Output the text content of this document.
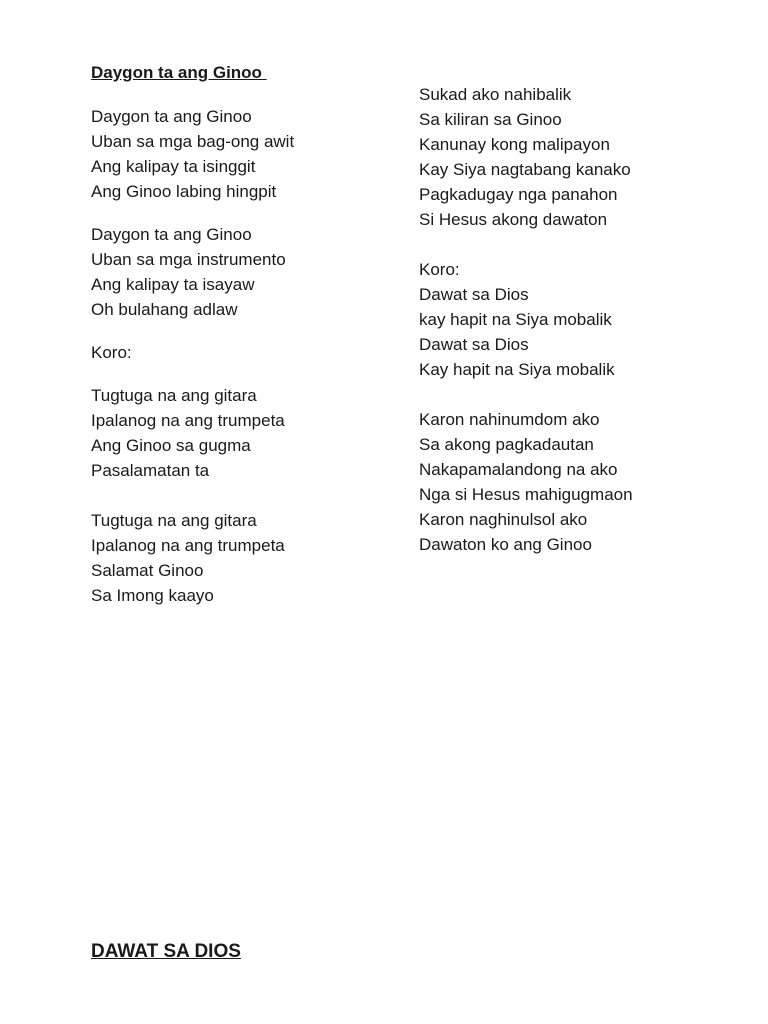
Daygon ta ang Ginoo
Daygon ta ang Ginoo
Uban sa mga bag-ong awit
Ang kalipay ta isinggit
Ang Ginoo labing hingpit
Daygon ta ang Ginoo
Uban sa mga instrumento
Ang kalipay ta isayaw
Oh bulahang adlaw
Koro:
Tugtuga na ang gitara
Ipalanog na ang trumpeta
Ang Ginoo sa gugma
Pasalamatan ta
Tugtuga na ang gitara
Ipalanog na ang trumpeta
Salamat Ginoo
Sa Imong kaayo
Sukad ako nahibalik
Sa kiliran sa Ginoo
Kanunay kong malipayon
Kay Siya nagtabang kanako
Pagkadugay nga panahon
Si Hesus akong dawaton
Koro:
Dawat sa Dios
kay hapit na Siya mobalik
Dawat sa Dios
Kay hapit na Siya mobalik
Karon nahinumdom ako
Sa akong pagkadautan
Nakapamalandong na ako
Nga si Hesus mahigugmaon
Karon naghinulsol ako
Dawaton ko ang Ginoo
DAWAT SA DIOS
